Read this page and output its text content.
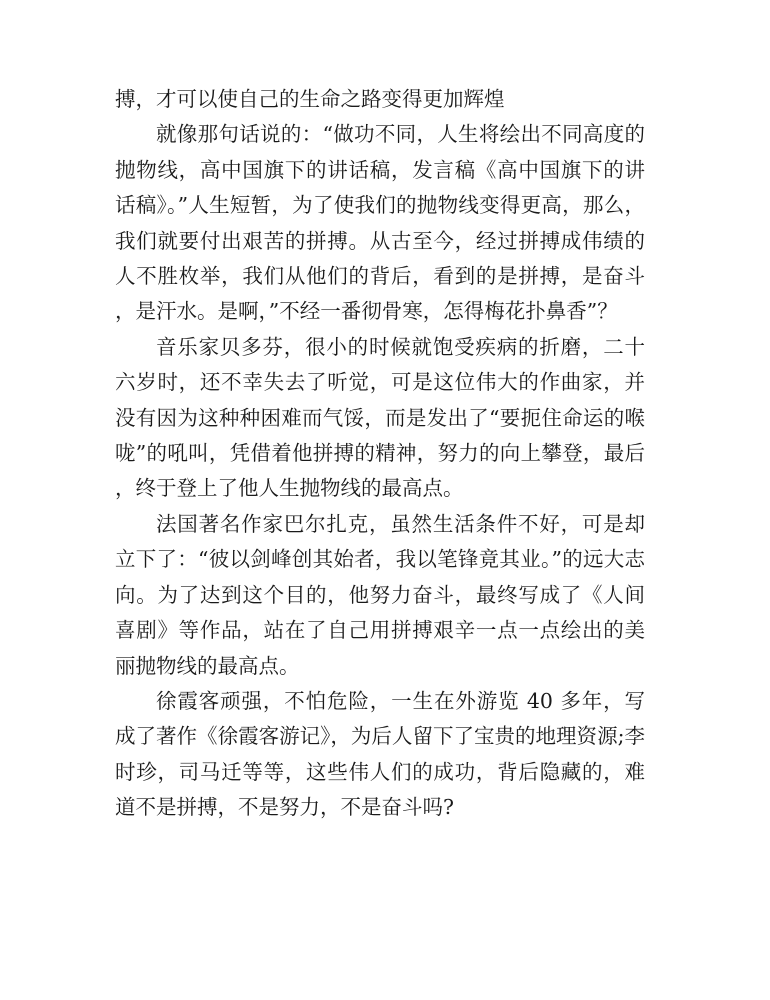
搏，才可以使自己的生命之路变得更加辉煌

就像那句话说的：“做功不同，人生将绘出不同高度的抛物线，高中国旗下的讲话稿，发言稿《高中国旗下的讲话稿》。”人生短暂，为了使我们的抛物线变得更高，那么，我们就要付出艰苦的拼搏。从古至今，经过拼搏成伟绩的人不胜枚举，我们从他们的背后，看到的是拼搏，是奋斗，是汗水。是啊，”不经一番彻骨寒，怎得梅花扑鼻香”？

音乐家贝多芬，很小的时候就饱受疾病的折磨，二十六岁时，还不幸失去了听觉，可是这位伟大的作曲家，并没有因为这种种困难而气馁，而是发出了“要扼住命运的喉咙”的吼叫，凭借着他拼搏的精神，努力的向上攀登，最后，终于登上了他人生抛物线的最高点。

法国著名作家巴尔扎克，虽然生活条件不好，可是却立下了：“彼以剑峰创其始者，我以笔锋竟其业。”的远大志向。为了达到这个目的，他努力奋斗，最终写成了《人间喜剧》等作品，站在了自己用拼搏艰辛一点一点绘出的美丽抛物线的最高点。

徐霞客顽强，不怕危险，一生在外游览 40 多年，写成了著作《徐霞客游记》，为后人留下了宝贵的地理资源;李时珍，司马迁等等，这些伟人们的成功，背后隐藏的，难道不是拼搏，不是努力，不是奋斗吗?
